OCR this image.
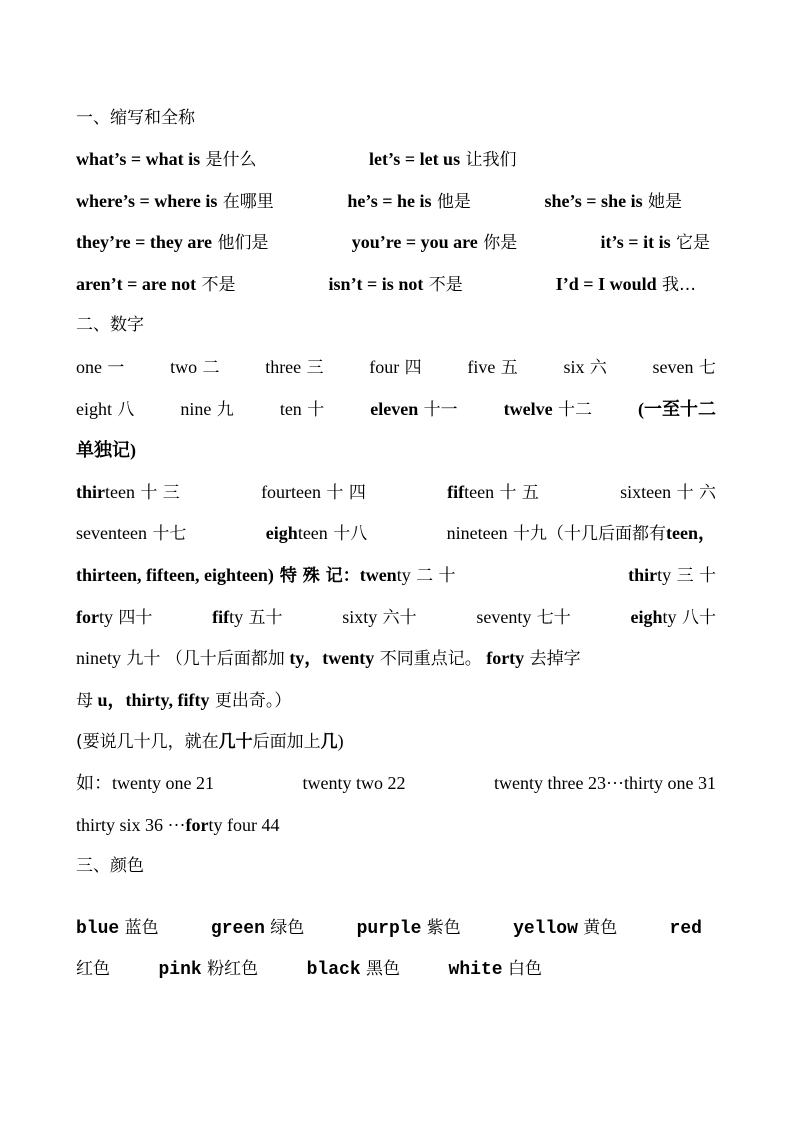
一、缩写和全称
what’s = what is 是什么	let’s = let us 让我们
where’s = where is 在哪里	he’s = he is 他是	she’s = she is 她是
they’re = they are 他们是	you’re = you are 你是	it’s = it is 它是
aren’t = are not 不是	isn’t = is not 不是	I’d = I would 我…
二、数字
one 一	two 二	three 三	four 四	five 五	six 六	seven 七
eight 八	nine 九	ten 十	eleven 十一	twelve 十二	(一至十二
单独记)
thirteen 十 三	fourteen 十 四	fifteen 十 五	sixteen 十 六
seventeen 十七	eighteen 十八	nineteen 十九（十几后面都有teen，
thirteen, fifteen, eighteen) 特 殊 记：twenty 二 十	thirty 三 十
forty 四十	fifty 五十	sixty 六十	seventy 七十	eighty 八十
ninety 九十 （几十后面都加 ty，twenty 不同重点记。 forty 去掉字
母 u，thirty, fifty 更出奇。）
(要说几十几，就在几十后面加上几)
如：twenty one 21	twenty two 22	twenty three 23···thirty one 31
thirty six 36 ···forty four 44
三、颜色
blue 蓝色	green 绿色	purple 紫色	yellow 黄色	red
红色	pink 粉红色	black 黑色	white 白色
